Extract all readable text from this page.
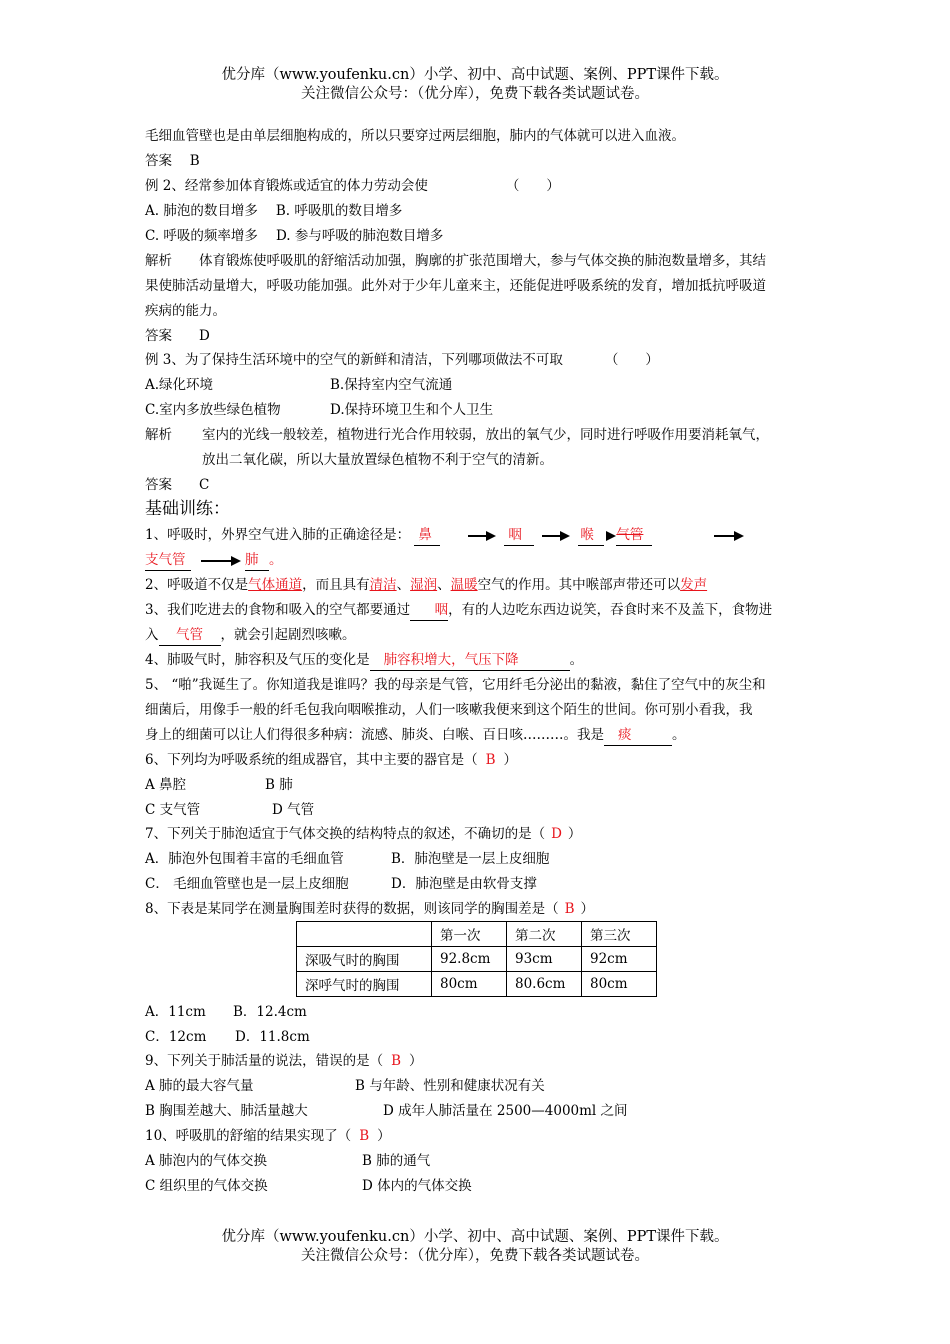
优分库（www.youfenku.cn）小学、初中、高中试题、案例、PPT课件下载。
关注微信公众号：（优分库），免费下载各类试题试卷。
毛细血管壁也是由单层细胞构成的，所以只要穿过两层细胞，肺内的气体就可以进入血液。
答案　 B
例 2、经常参加体育锻炼或适宜的体力劳动会使	（　　）
A. 肺泡的数目增多 B. 呼吸肌的数目增多
C. 呼吸的频率增多 D. 参与呼吸的肺泡数目增多
解析　　体育锻炼使呼吸肌的舒缩活动加强，胸廓的扩张范围增大，参与气体交换的肺泡数量增多，其结
果使肺活动量增大，呼吸功能加强。此外对于少年儿童来主，还能促进呼吸系统的发育，增加抵抗呼吸道
疾病的能力。
答案　　D
例 3、为了保持生活环境中的空气的新鲜和清洁，下列哪项做法不可取	（　　）
A.绿化环境	B.保持室内空气流通
C.室内多放些绿色植物	D.保持环境卫生和个人卫生
解析 室内的光线一般较差，植物进行光合作用较弱，放出的氧气少，同时进行呼吸作用要消耗氧气，
放出二氧化碳，所以大量放置绿色植物不利于空气的清新。
答案　　C
基础训练：
1、呼吸时，外界空气进入肺的正确途径是： 鼻	咽	喉 气管
支气管	肺 。
2、呼吸道不仅是气体通道，而且具有清洁、湿润、温暖空气的作用。其中喉部声带还可以发声
3、我们吃进去的食物和吸入的空气都要通过 咽，有的人边吃东西边说笑，吞食时来不及盖下，食物进
入 气管 ，就会引起剧烈咳嗽。
4、肺吸气时，肺容积及气压的变化是 肺容积增大，气压下降	。
5、 “啪”我诞生了。你知道我是谁吗？我的母亲是气管，它用纤毛分泌出的黏液，黏住了空气中的灰尘和
细菌后，用像手一般的纤毛包我向咽喉推动，人们一咳嗽我便来到这个陌生的世间。你可别小看我，我
身上的细菌可以让人们得很多种病：流感、肺炎、白喉、百日咳………。我是 痰	。
6、下列均为呼吸系统的组成器官，其中主要的器官是（ B ）
A 鼻腔	B 肺
C 支气管	D 气管
7、下列关于肺泡适宜于气体交换的结构特点的叙述，不确切的是（ D ）
A．肺泡外包围着丰富的毛细血管	B．肺泡壁是一层上皮细胞
C． 毛细血管壁也是一层上皮细胞	D．肺泡壁是由软骨支撑
8、下表是某同学在测量胸围差时获得的数据，则该同学的胸围差是（ B ）
	第一次	第二次	第三次
深吸气时的胸围	92.8cm	93cm	92cm
深呼气时的胸围	80cm	80.6cm	80cm
A．11cm B．12.4cm
C．12cm D．11.8cm
9、下列关于肺活量的说法，错误的是（ B ）
A 肺的最大容气量	B 与年龄、性别和健康状况有关
B 胸围差越大、肺活量越大	D 成年人肺活量在 2500—4000ml 之间
10、呼吸肌的舒缩的结果实现了（ B ）
A 肺泡内的气体交换	B 肺的通气
C 组织里的气体交换	D 体内的气体交换
优分库（www.youfenku.cn）小学、初中、高中试题、案例、PPT课件下载。
关注微信公众号：（优分库），免费下载各类试题试卷。
